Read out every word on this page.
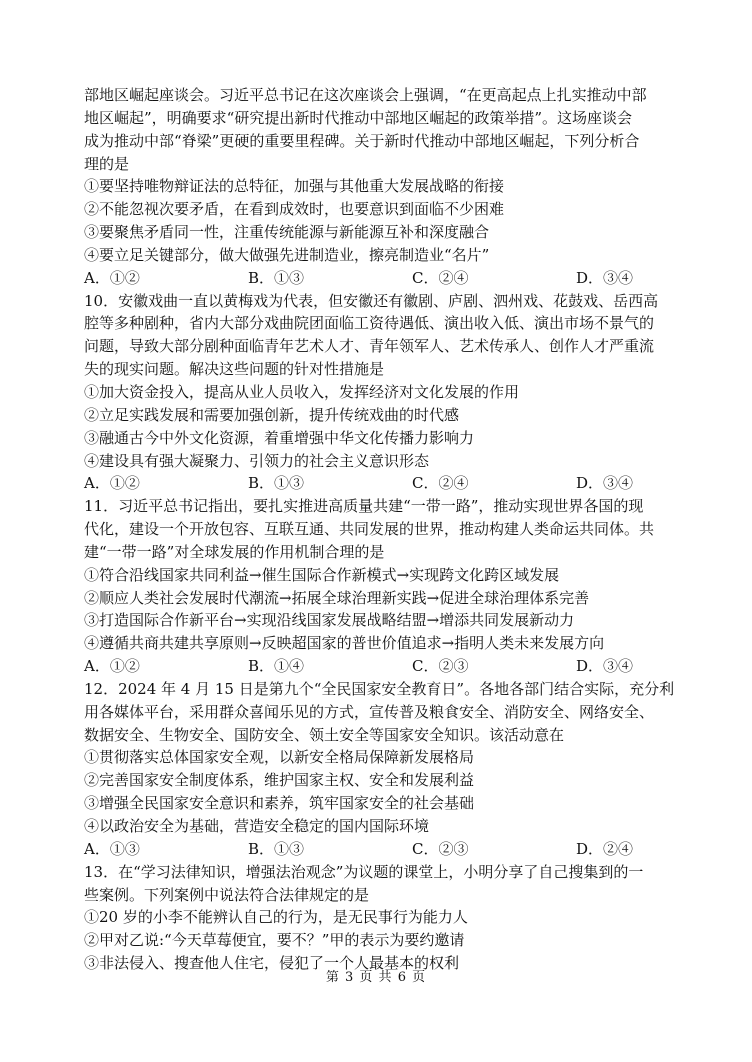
部地区崛起座谈会。习近平总书记在这次座谈会上强调，“在更高起点上扎实推动中部
地区崛起”，明确要求“研究提出新时代推动中部地区崛起的政策举措”。这场座谈会
成为推动中部“脊梁”更硬的重要里程碑。关于新时代推动中部地区崛起，下列分析合
理的是
①要坚持唯物辩证法的总特征，加强与其他重大发展战略的衔接
②不能忽视次要矛盾，在看到成效时，也要意识到面临不少困难
③要聚焦矛盾同一性，注重传统能源与新能源互补和深度融合
④要立足关键部分，做大做强先进制造业，擦亮制造业“名片”
A．①②	B．①③	C．②④	D．③④
10．安徽戏曲一直以黄梅戏为代表，但安徽还有徽剧、庐剧、泗州戏、花鼓戏、岳西高
腔等多种剧种，省内大部分戏曲院团面临工资待遇低、演出收入低、演出市场不景气的
问题，导致大部分剧种面临青年艺术人才、青年领军人、艺术传承人、创作人才严重流
失的现实问题。解决这些问题的针对性措施是
①加大资金投入，提高从业人员收入，发挥经济对文化发展的作用
②立足实践发展和需要加强创新，提升传统戏曲的时代感
③融通古今中外文化资源，着重增强中华文化传播力影响力
④建设具有强大凝聚力、引领力的社会主义意识形态
A．①②	B．①③	C．②④	D．③④
11．习近平总书记指出，要扎实推进高质量共建“一带一路”，推动实现世界各国的现
代化，建设一个开放包容、互联互通、共同发展的世界，推动构建人类命运共同体。共
建“一带一路”对全球发展的作用机制合理的是
①符合沿线国家共同利益→催生国际合作新模式→实现跨文化跨区域发展
②顺应人类社会发展时代潮流→拓展全球治理新实践→促进全球治理体系完善
③打造国际合作新平台→实现沿线国家发展战略结盟→增添共同发展新动力
④遵循共商共建共享原则→反映超国家的普世价值追求→指明人类未来发展方向
A．①②	B．①④	C．②③	D．③④
12．2024 年 4 月 15 日是第九个“全民国家安全教育日”。各地各部门结合实际，充分利
用各媒体平台，采用群众喜闻乐见的方式，宣传普及粮食安全、消防安全、网络安全、
数据安全、生物安全、国防安全、领土安全等国家安全知识。该活动意在
①贯彻落实总体国家安全观，以新安全格局保障新发展格局
②完善国家安全制度体系，维护国家主权、安全和发展利益
③增强全民国家安全意识和素养，筑牢国家安全的社会基础
④以政治安全为基础，营造安全稳定的国内国际环境
A．①③	B．①③	C．②③	D．②④
13．在“学习法律知识，增强法治观念”为议题的课堂上，小明分享了自己搜集到的一
些案例。下列案例中说法符合法律规定的是
①20 岁的小李不能辨认自己的行为，是无民事行为能力人
②甲对乙说:“今天草莓便宜，要不？”甲的表示为要约邀请
③非法侵入、搜查他人住宅，侵犯了一个人最基本的权利
第 3 页 共 6 页
